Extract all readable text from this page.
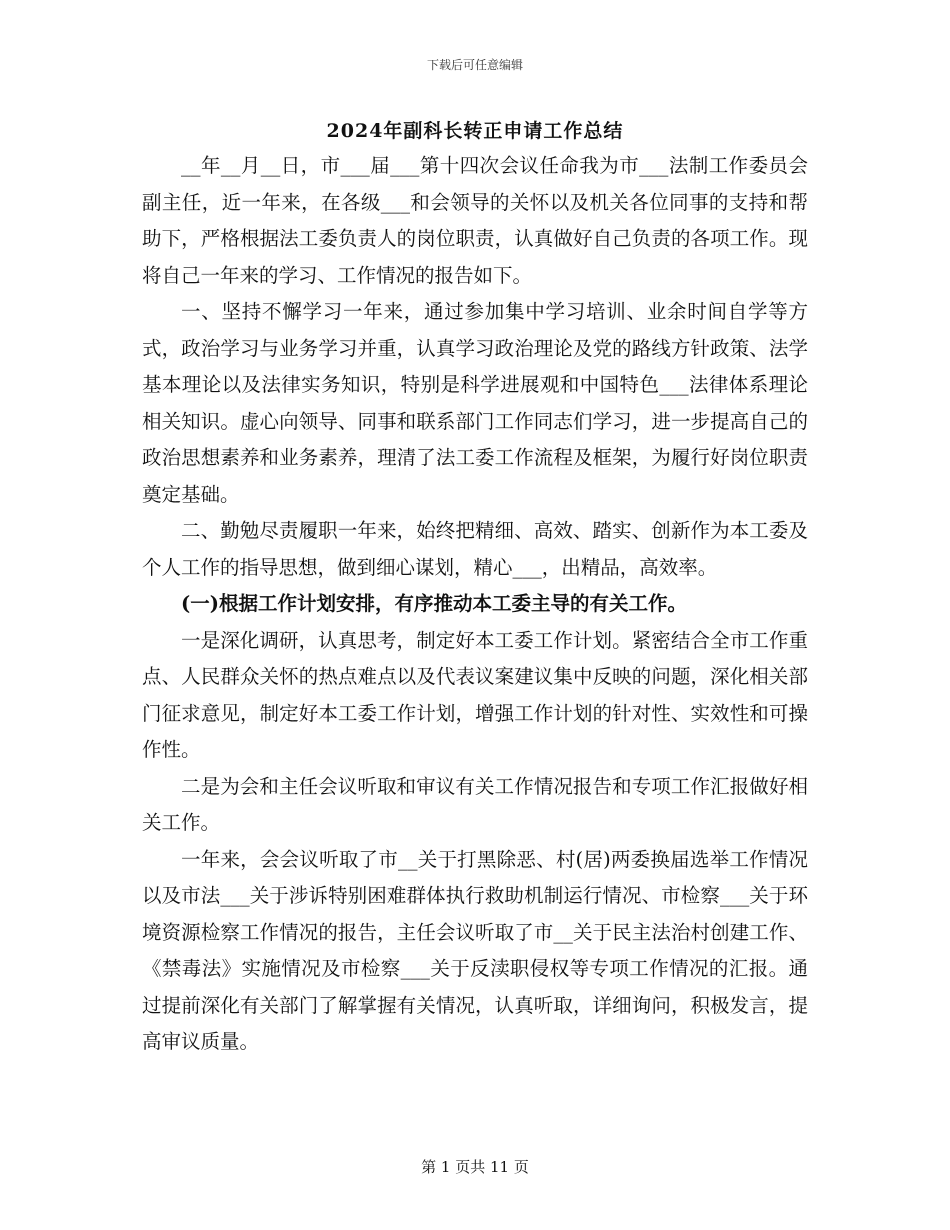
下载后可任意编辑
2024年副科长转正申请工作总结

__年__月__日，市___届___第十四次会议任命我为市___法制工作委员会副主任，近一年来，在各级___和会领导的关怀以及机关各位同事的支持和帮助下，严格根据法工委负责人的岗位职责，认真做好自己负责的各项工作。现将自己一年来的学习、工作情况的报告如下。

一、坚持不懈学习一年来，通过参加集中学习培训、业余时间自学等方式，政治学习与业务学习并重，认真学习政治理论及党的路线方针政策、法学基本理论以及法律实务知识，特别是科学进展观和中国特色___法律体系理论相关知识。虚心向领导、同事和联系部门工作同志们学习，进一步提高自己的政治思想素养和业务素养，理清了法工委工作流程及框架，为履行好岗位职责奠定基础。

二、勤勉尽责履职一年来，始终把精细、高效、踏实、创新作为本工委及个人工作的指导思想，做到细心谋划，精心___，出精品，高效率。

(一)根据工作计划安排，有序推动本工委主导的有关工作。

一是深化调研，认真思考，制定好本工委工作计划。紧密结合全市工作重点、人民群众关怀的热点难点以及代表议案建议集中反映的问题，深化相关部门征求意见，制定好本工委工作计划，增强工作计划的针对性、实效性和可操作性。

二是为会和主任会议听取和审议有关工作情况报告和专项工作汇报做好相关工作。

一年来，会会议听取了市__关于打黑除恶、村(居)两委换届选举工作情况以及市法___关于涉诉特别困难群体执行救助机制运行情况、市检察___关于环境资源检察工作情况的报告，主任会议听取了市__关于民主法治村创建工作、《禁毒法》实施情况及市检察___关于反渎职侵权等专项工作情况的汇报。通过提前深化有关部门了解掌握有关情况，认真听取，详细询问，积极发言，提高审议质量。

第 1 页共 11 页
